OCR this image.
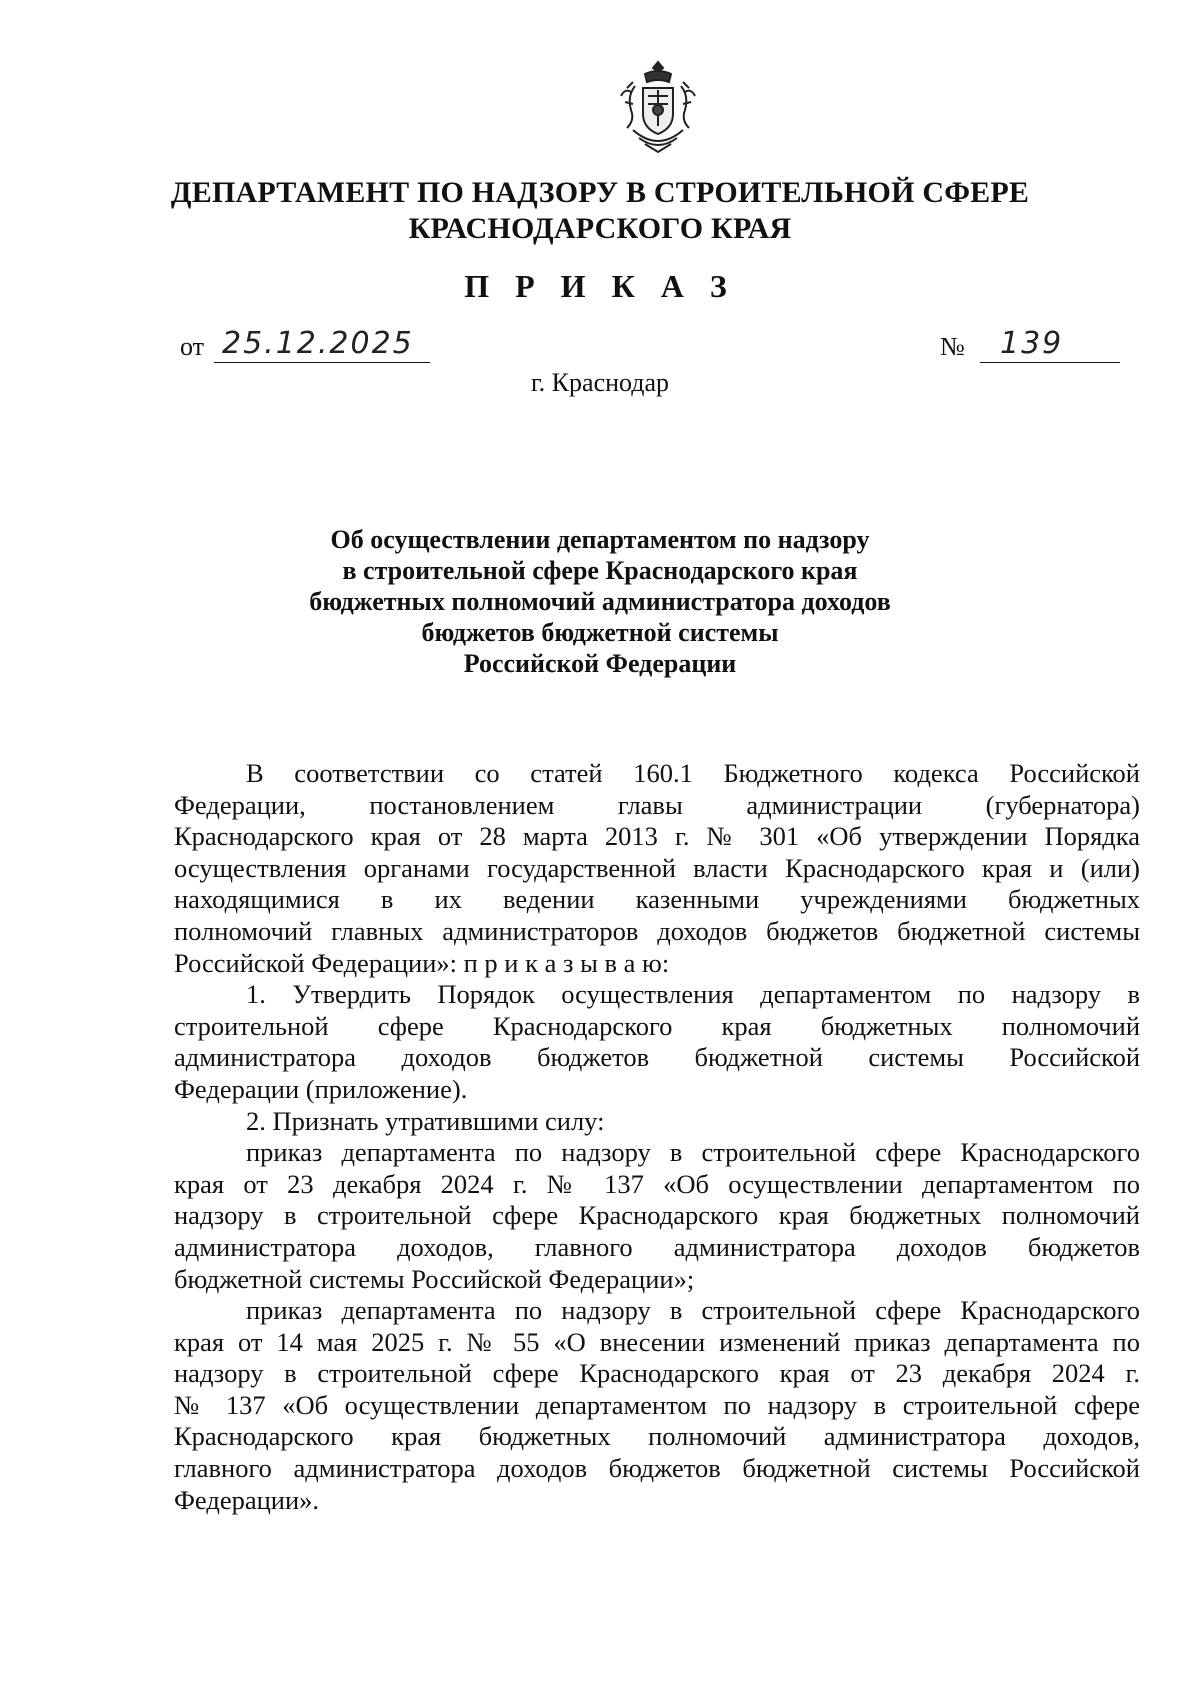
ДЕПАРТАМЕНТ ПО НАДЗОРУ В СТРОИТЕЛЬНОЙ СФЕРЕ
КРАСНОДАРСКОГО КРАЯ
П Р И К А З
от 25.12.2025	№ 139
г. Краснодар
Об осуществлении департаментом по надзору
в строительной сфере Краснодарского края
бюджетных полномочий администратора доходов
бюджетов бюджетной системы
Российской Федерации
В соответствии со статей 160.1 Бюджетного кодекса Российской
Федерации, постановлением главы администрации (губернатора)
Краснодарского края от 28 марта 2013 г. № 301 «Об утверждении Порядка
осуществления органами государственной власти Краснодарского края и (или)
находящимися в их ведении казенными учреждениями бюджетных
полномочий главных администраторов доходов бюджетов бюджетной системы
Российской Федерации»: п р и к а з ы в а ю:
1. Утвердить Порядок осуществления департаментом по надзору в
строительной сфере Краснодарского края бюджетных полномочий
администратора доходов бюджетов бюджетной системы Российской
Федерации (приложение).
2. Признать утратившими силу:
приказ департамента по надзору в строительной сфере Краснодарского
края от 23 декабря 2024 г. № 137 «Об осуществлении департаментом по
надзору в строительной сфере Краснодарского края бюджетных полномочий
администратора доходов, главного администратора доходов бюджетов
бюджетной системы Российской Федерации»;
приказ департамента по надзору в строительной сфере Краснодарского
края от 14 мая 2025 г. № 55 «О внесении изменений приказ департамента по
надзору в строительной сфере Краснодарского края от 23 декабря 2024 г.
№ 137 «Об осуществлении департаментом по надзору в строительной сфере
Краснодарского края бюджетных полномочий администратора доходов,
главного администратора доходов бюджетов бюджетной системы Российской
Федерации».
